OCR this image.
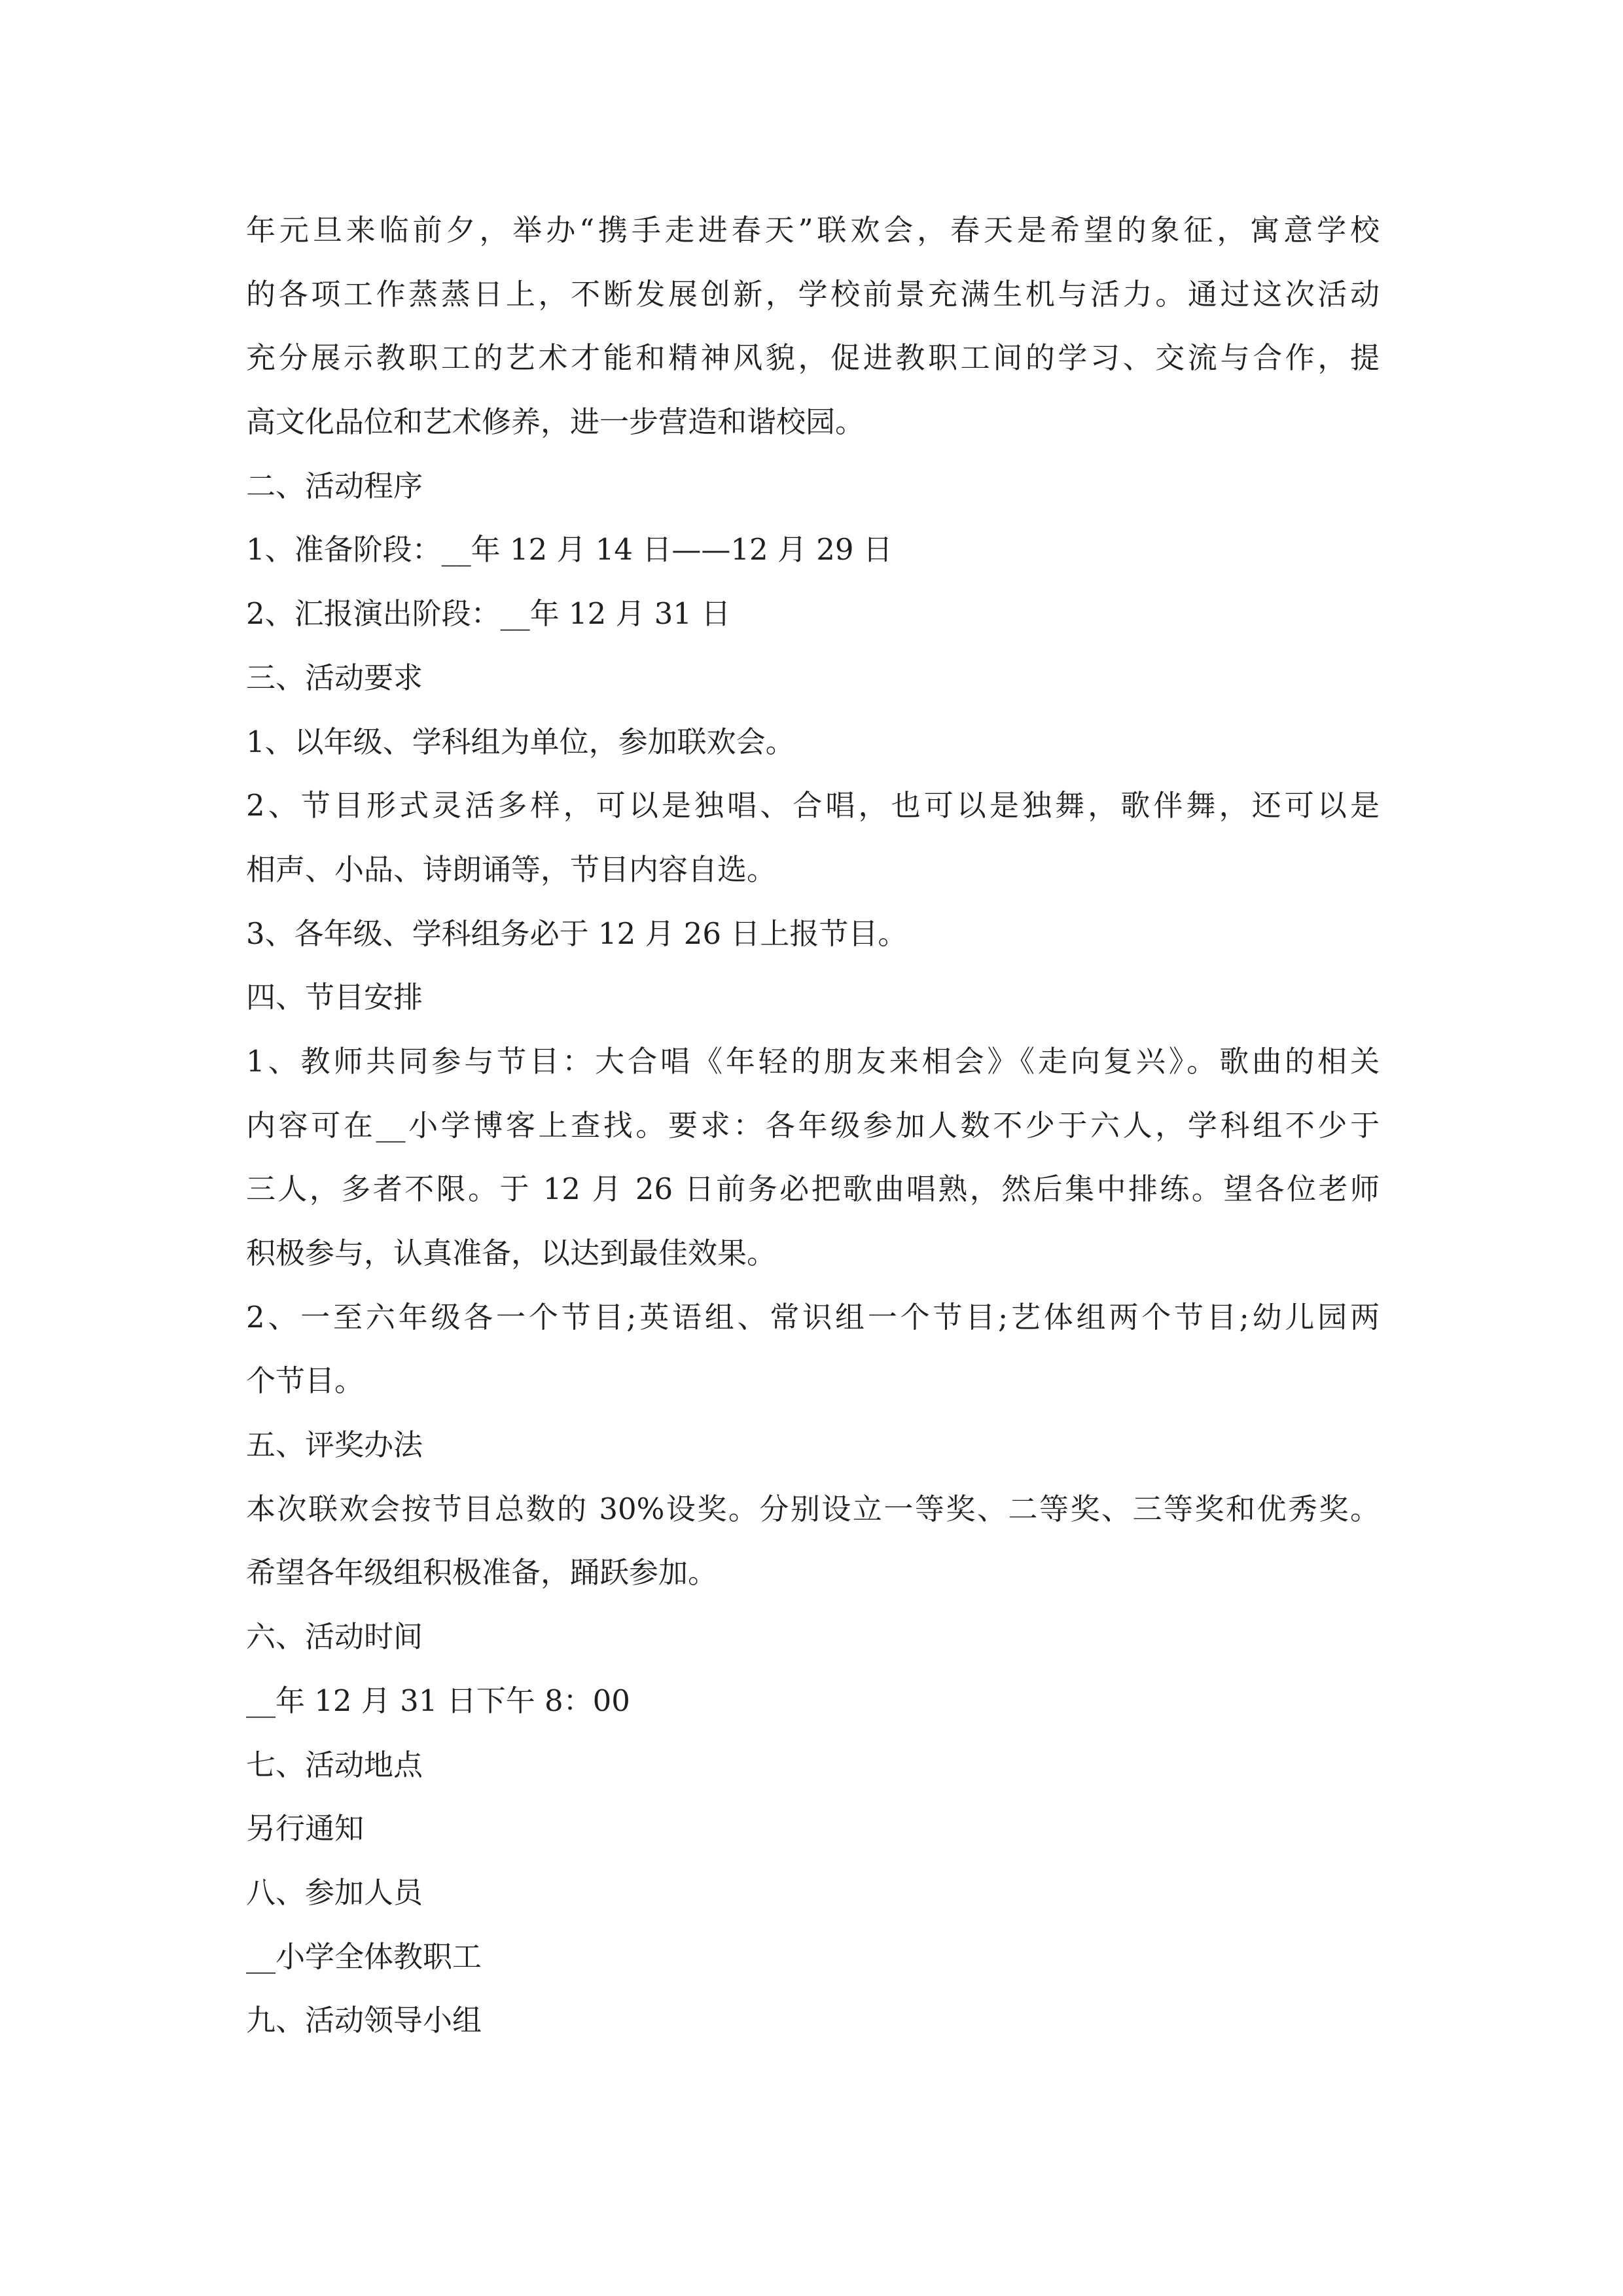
年元旦来临前夕，举办“携手走进春天”联欢会，春天是希望的象征，寓意学校
的各项工作蒸蒸日上，不断发展创新，学校前景充满生机与活力。通过这次活动
充分展示教职工的艺术才能和精神风貌，促进教职工间的学习、交流与合作，提
高文化品位和艺术修养，进一步营造和谐校园。
二、活动程序
1、准备阶段：__年 12 月 14 日——12 月 29 日
2、汇报演出阶段：__年 12 月 31 日
三、活动要求
1、以年级、学科组为单位，参加联欢会。
2、节目形式灵活多样，可以是独唱、合唱，也可以是独舞，歌伴舞，还可以是
相声、小品、诗朗诵等，节目内容自选。
3、各年级、学科组务必于 12 月 26 日上报节目。
四、节目安排
1、教师共同参与节目：大合唱《年轻的朋友来相会》《走向复兴》。歌曲的相关
内容可在__小学博客上查找。要求：各年级参加人数不少于六人，学科组不少于
三人，多者不限。于 12 月 26 日前务必把歌曲唱熟，然后集中排练。望各位老师
积极参与，认真准备，以达到最佳效果。
2、一至六年级各一个节目;英语组、常识组一个节目;艺体组两个节目;幼儿园两
个节目。
五、评奖办法
本次联欢会按节目总数的 30%设奖。分别设立一等奖、二等奖、三等奖和优秀奖。
希望各年级组积极准备，踊跃参加。
六、活动时间
__年 12 月 31 日下午 8：00
七、活动地点
另行通知
八、参加人员
__小学全体教职工
九、活动领导小组
